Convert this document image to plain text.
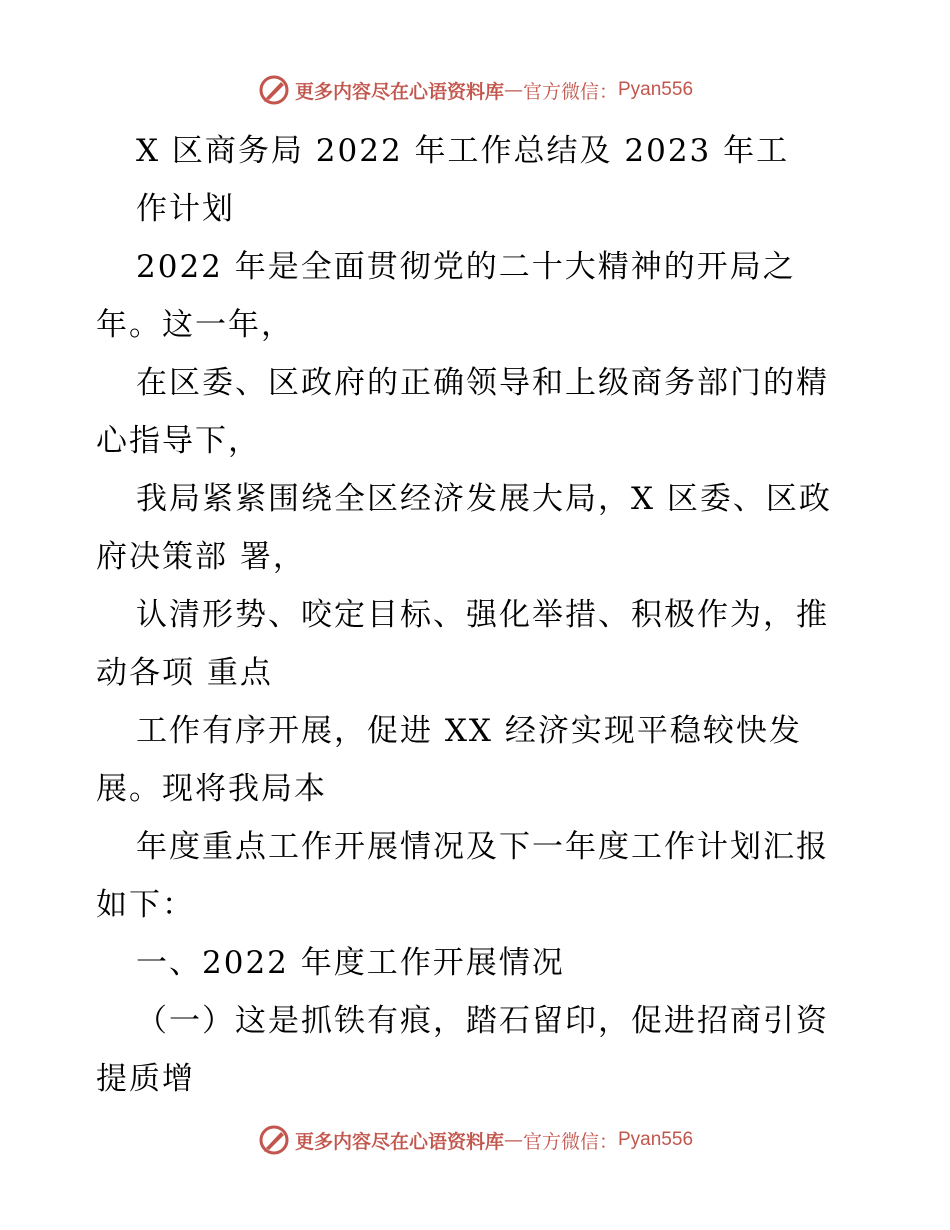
更多内容尽在心语资料库 — 官方微信： Pyan556
X 区商务局 2022 年工作总结及 2023 年工
作计划
2022 年是全面贯彻党的二十大精神的开局之
年。这一年，
在区委、区政府的正确领导和上级商务部门的精
心指导下，
我局紧紧围绕全区经济发展大局，X 区委、区政
府决策部 署，
认清形势、咬定目标、强化举措、积极作为，推
动各项 重点
工作有序开展，促进 XX 经济实现平稳较快发
展。现将我局本
年度重点工作开展情况及下一年度工作计划汇报
如下：
一、2022 年度工作开展情况
（一）这是抓铁有痕，踏石留印，促进招商引资
提质增
更多内容尽在心语资料库 — 官方微信： Pyan556
